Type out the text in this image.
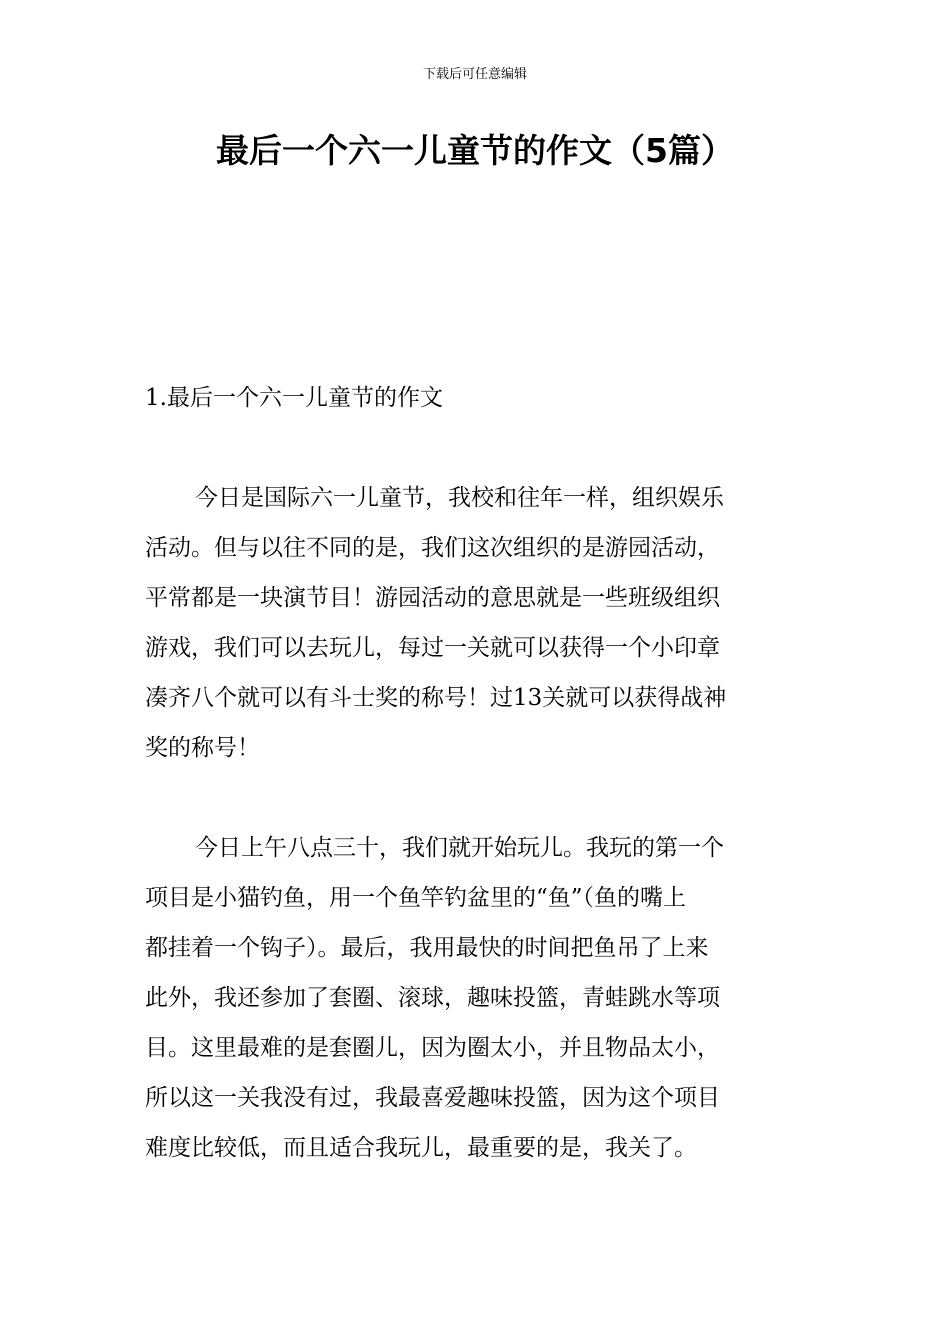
下载后可任意编辑
最后一个六一儿童节的作文（5篇）
1.最后一个六一儿童节的作文
今日是国际六一儿童节，我校和往年一样，组织娱乐
活动。但与以往不同的是，我们这次组织的是游园活动，
平常都是一块演节目！游园活动的意思就是一些班级组织
游戏，我们可以去玩儿，每过一关就可以获得一个小印章
凑齐八个就可以有斗士奖的称号！过13关就可以获得战神
奖的称号！
今日上午八点三十，我们就开始玩儿。我玩的第一个
项目是小猫钓鱼，用一个鱼竿钓盆里的“鱼”（鱼的嘴上
都挂着一个钩子）。最后，我用最快的时间把鱼吊了上来
此外，我还参加了套圈、滚球，趣味投篮，青蛙跳水等项
目。这里最难的是套圈儿，因为圈太小，并且物品太小，
所以这一关我没有过，我最喜爱趣味投篮，因为这个项目
难度比较低，而且适合我玩儿，最重要的是，我关了。
